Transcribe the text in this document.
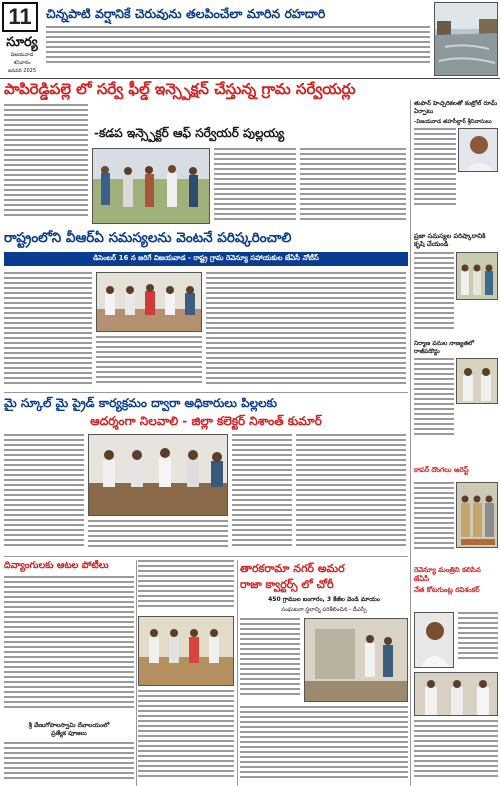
11
సూర్య
విజయవాడ
శనివారం
జనవరి 2025
చిన్నపాటి వర్షానికే చెరువును తలపించేలా మారిన రహదారి
పాపిరెడ్డిపల్లె లో సర్వే ఫీల్డ్ ఇన్స్పెక్షన్ చేస్తున్న గ్రామ సర్వేయర్లు
-కడప ఇన్స్పెక్టర్ ఆఫ్ సర్వేయర్ పుల్లయ్య
తుపాన్ హెచ్చరికలతో కంట్రోల్ రూమ్ ఏర్పాటు
-విజయవాడ తహసీల్దార్ శ్రీనివాసులు
ప్రజా సమస్యల పరిష్కారానికి కృషి చేయండి
రాష్ట్రంలోని వీఆర్ఏ సమస్యలను వెంటనే పరిష్కరించాలి
డిసెంబర్ 16 న జరిగే విజయవాడ - రాష్ట్ర గ్రామ రెవెన్యూ సహాయకుల జేఏసీ నోటీస్
నిర్మాణ పనుల నాణ్యతలో రాజీపడొద్దు
మై స్కూల్ మై ప్రైడ్ కార్యక్రమం ద్వారా అధికారులు పిల్లలకు
ఆదర్శంగా నిలవాలి - జిల్లా కలెక్టర్ నిశాంత్ కుమార్
కాపర్ దొంగలు అరెస్ట్
దివ్యాంగులకు ఆటల పోటీలు
శ్రీ వేణుగోపాలస్వామి దేవాలయంలో
ప్రత్యేక పూజలు
తారకరామా నగర్ అమర
రాజా క్వార్టర్స్ లో చోరీ
450 గ్రాముల బంగారం, 3 కేజీల వెండి మాయం
సంఘటనా స్థలాన్ని పరిశీలించిన - డీఎస్పీ
రెవెన్యూ మంత్రిని కలిసిన జేఏసీ
నేత కోటగుంట్ల రవిశంకర్
